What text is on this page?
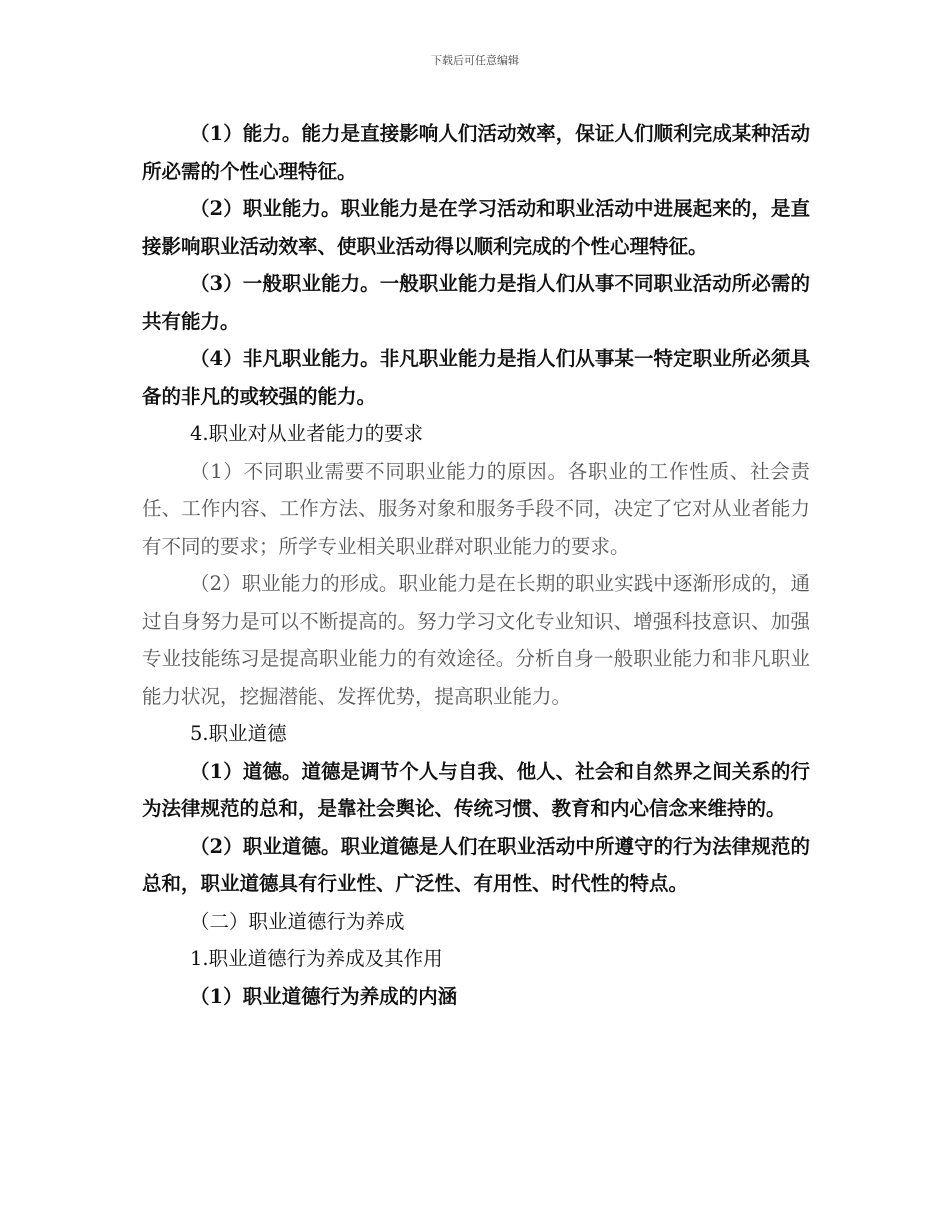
下载后可任意编辑

（1）能力。能力是直接影响人们活动效率，保证人们顺利完成某种活动所必需的个性心理特征。

（2）职业能力。职业能力是在学习活动和职业活动中进展起来的，是直接影响职业活动效率、使职业活动得以顺利完成的个性心理特征。

（3）一般职业能力。一般职业能力是指人们从事不同职业活动所必需的共有能力。

（4）非凡职业能力。非凡职业能力是指人们从事某一特定职业所必须具备的非凡的或较强的能力。

4.职业对从业者能力的要求

（1）不同职业需要不同职业能力的原因。各职业的工作性质、社会责任、工作内容、工作方法、服务对象和服务手段不同，决定了它对从业者能力有不同的要求；所学专业相关职业群对职业能力的要求。

（2）职业能力的形成。职业能力是在长期的职业实践中逐渐形成的，通过自身努力是可以不断提高的。努力学习文化专业知识、增强科技意识、加强专业技能练习是提高职业能力的有效途径。分析自身一般职业能力和非凡职业能力状况，挖掘潜能、发挥优势，提高职业能力。

5.职业道德

（1）道德。道德是调节个人与自我、他人、社会和自然界之间关系的行为法律规范的总和，是靠社会舆论、传统习惯、教育和内心信念来维持的。

（2）职业道德。职业道德是人们在职业活动中所遵守的行为法律规范的总和，职业道德具有行业性、广泛性、有用性、时代性的特点。

（二）职业道德行为养成

1.职业道德行为养成及其作用

（1）职业道德行为养成的内涵
